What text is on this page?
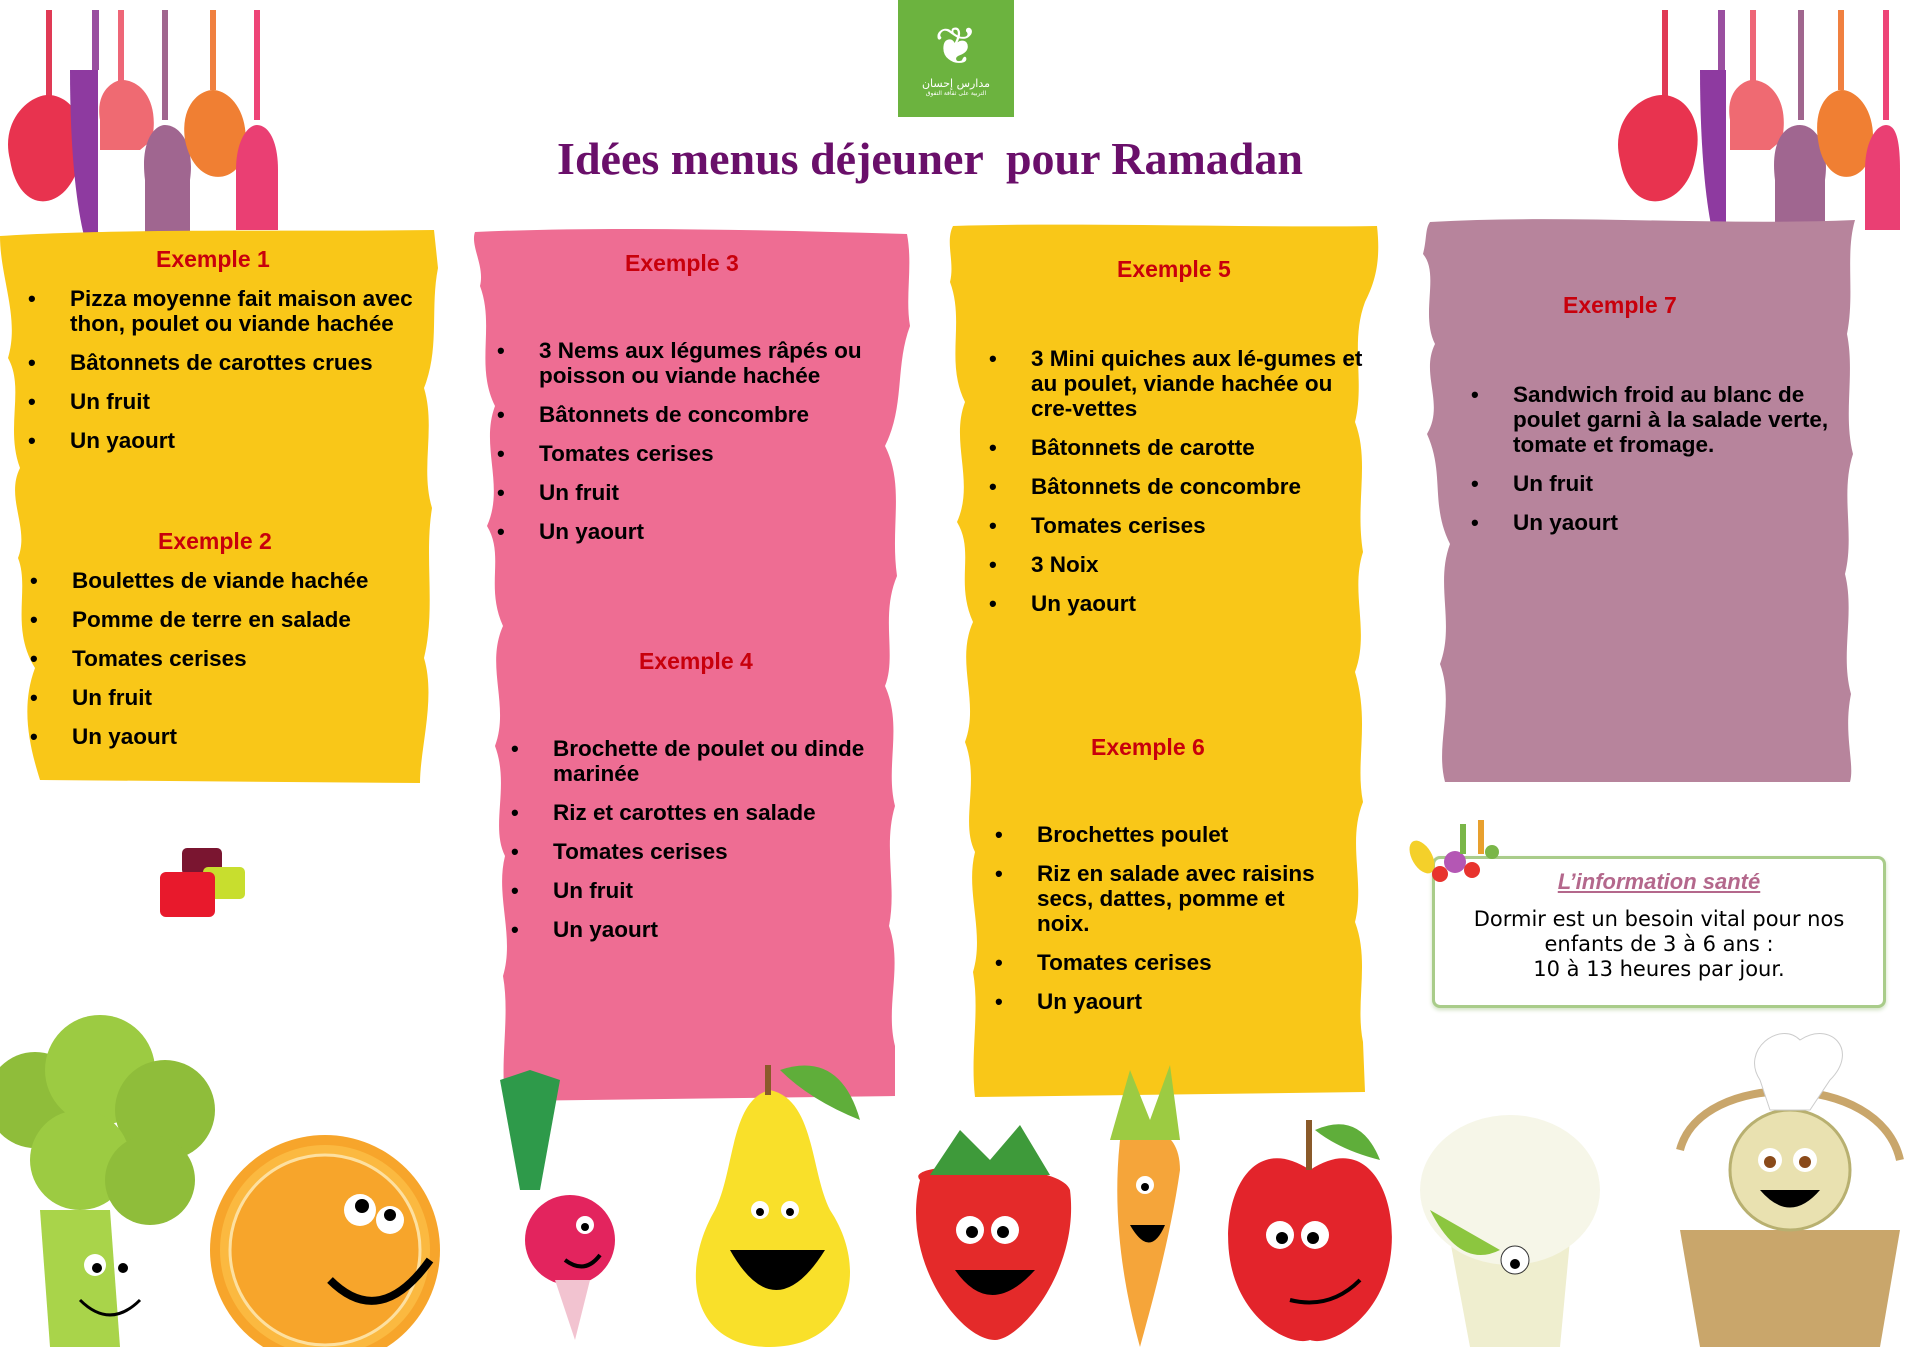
❦
مدارس إحسان
التربية على ثقافة التفوق
Idées menus déjeuner  pour Ramadan
Exemple 1
• Pizza moyenne fait maison avec thon, poulet ou viande hachée
• Bâtonnets de carottes crues
• Un fruit
• Un yaourt
Exemple 2
• Boulettes de viande hachée
• Pomme de terre en salade
• Tomates cerises
• Un fruit
• Un yaourt
Exemple 3
• 3 Nems aux légumes râpés ou poisson ou viande hachée
• Bâtonnets de concombre
• Tomates cerises
• Un fruit
• Un yaourt
Exemple 4
• Brochette de poulet ou dinde marinée
• Riz et carottes en salade
• Tomates cerises
• Un fruit
• Un yaourt
Exemple 5
• 3 Mini quiches aux lé-gumes et au poulet, viande hachée ou cre-vettes
• Bâtonnets de carotte
• Bâtonnets de concombre
• Tomates cerises
• 3 Noix
• Un yaourt
Exemple 6
• Brochettes poulet
• Riz en salade avec raisins secs, dattes, pomme et noix.
• Tomates cerises
• Un yaourt
Exemple 7
• Sandwich froid au blanc de poulet garni à la salade verte, tomate et fromage.
• Un fruit
• Un yaourt
L’information santé
Dormir est un besoin vital pour nos
enfants de 3 à 6 ans :
10 à 13 heures par jour.
